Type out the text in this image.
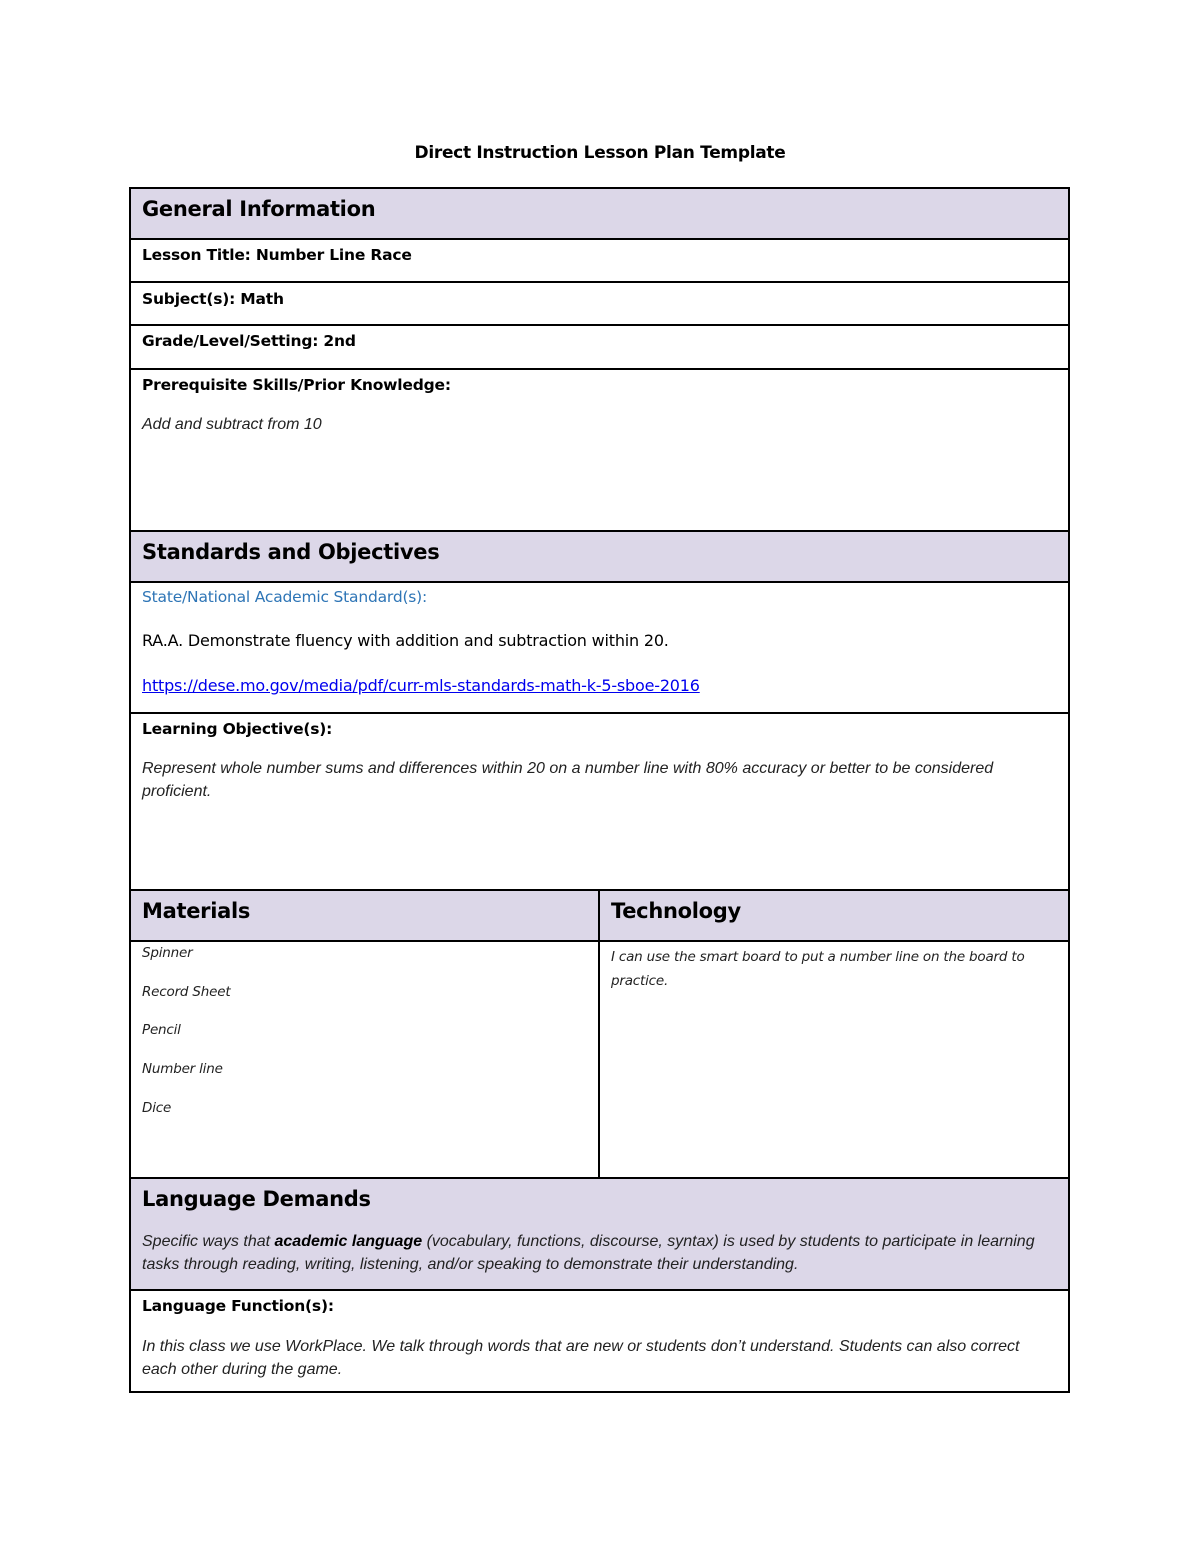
Direct Instruction Lesson Plan Template
General Information
Lesson Title: Number Line Race
Subject(s): Math
Grade/Level/Setting: 2nd
Prerequisite Skills/Prior Knowledge:
Add and subtract from 10
Standards and Objectives
State/National Academic Standard(s):
RA.A. Demonstrate fluency with addition and subtraction within 20.
https://dese.mo.gov/media/pdf/curr-mls-standards-math-k-5-sboe-2016
Learning Objective(s):
Represent whole number sums and differences within 20 on a number line with 80% accuracy or better to be considered proficient.
Materials	Technology
Spinner
Record Sheet
Pencil
Number line
Dice
I can use the smart board to put a number line on the board to practice.
Language Demands
Specific ways that academic language (vocabulary, functions, discourse, syntax) is used by students to participate in learning tasks through reading, writing, listening, and/or speaking to demonstrate their understanding.
Language Function(s):
In this class we use WorkPlace. We talk through words that are new or students don’t understand. Students can also correct each other during the game.
